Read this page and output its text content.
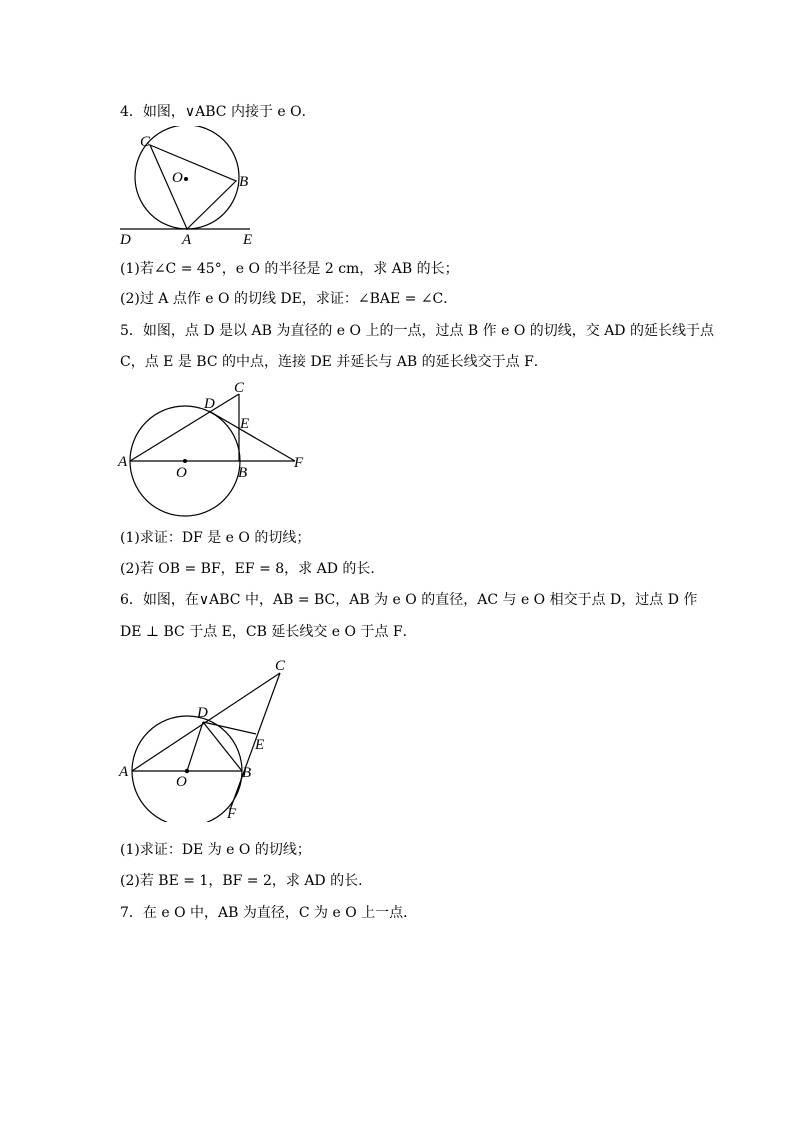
4．如图，∨ABC 内接于 e O．
C
O	B
D	A	E
(1)若∠C = 45°，e O 的半径是 2 cm，求 AB 的长；
(2)过 A 点作 e O 的切线 DE，求证：∠BAE = ∠C．
5．如图，点 D 是以 AB 为直径的 e O 上的一点，过点 B 作 e O 的切线，交 AD 的延长线于点
C，点 E 是 BC 的中点，连接 DE 并延长与 AB 的延长线交于点 F．
C
D
E
A
O	B
F
(1)求证：DF 是 e O 的切线；
(2)若 OB = BF，EF = 8，求 AD 的长．
6．如图，在∨ABC 中，AB = BC，AB 为 e O 的直径，AC 与 e O 相交于点 D，过点 D 作
DE ⊥ BC 于点 E，CB 延长线交 e O 于点 F．
C
D
E
A
O
B
F
(1)求证：DE 为 e O 的切线；
(2)若 BE = 1，BF = 2，求 AD 的长．
7．在 e O 中，AB 为直径，C 为 e O 上一点．
